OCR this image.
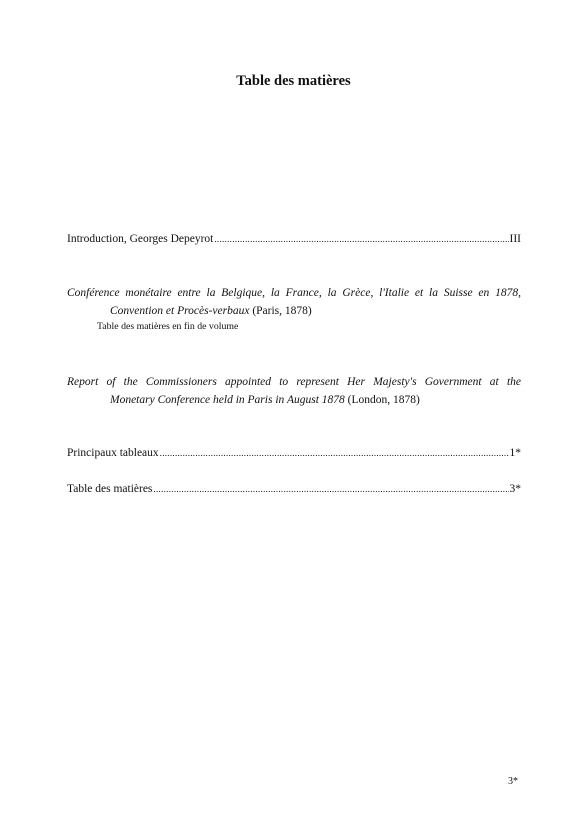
Table des matières
Introduction, Georges Depeyrot .....	III
Conférence monétaire entre la Belgique, la France, la Grèce, l'Italie et la Suisse en 1878,
Convention et Procès-verbaux (Paris, 1878)
Table des matières en fin de volume
Report of the Commissioners appointed to represent Her Majesty's Government at the
Monetary Conference held in Paris in August 1878 (London, 1878)
Principaux tableaux .....	1*
Table des matières .....	3*
3*
